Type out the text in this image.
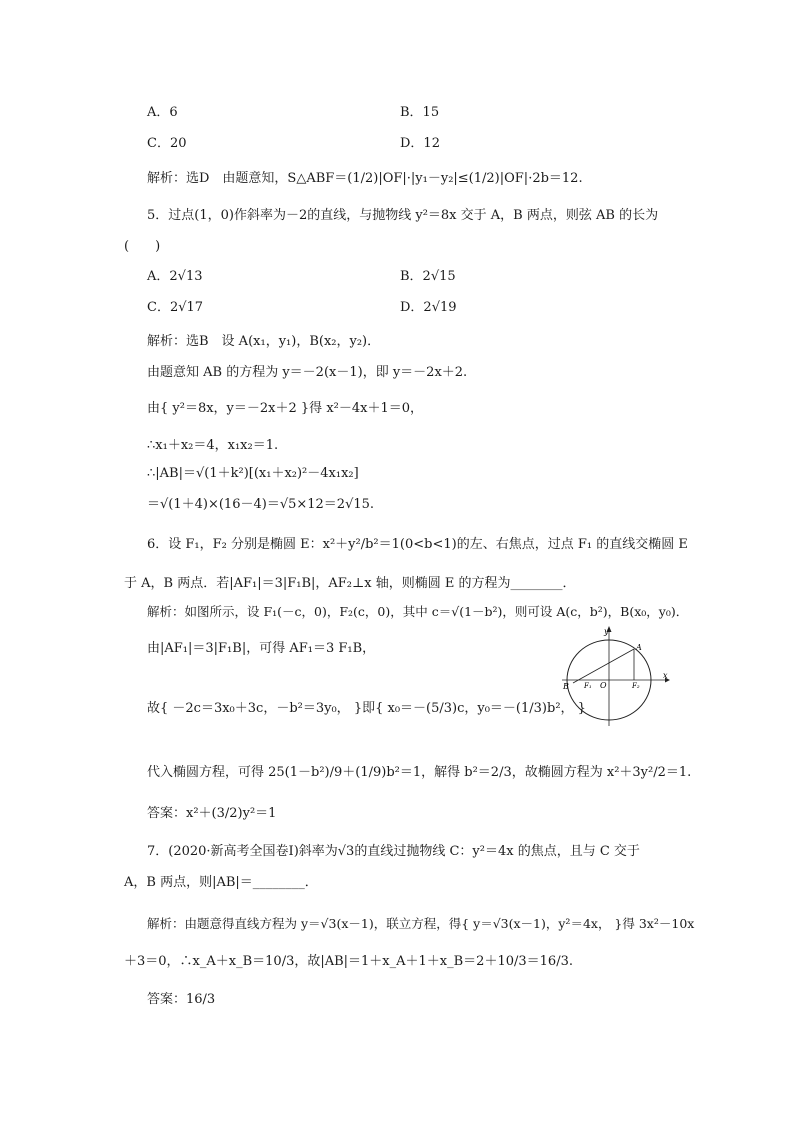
A．6	B．15
C．20	D．12
解析：选D　由题意知，S△ABF＝(1/2)|OF|·|y₁－y₂|≤(1/2)|OF|·2b＝12.
5．过点(1，0)作斜率为－2的直线，与抛物线 y²＝8x 交于 A，B 两点，则弦 AB 的长为
(　　)
A．2√13	B．2√15
C．2√17	D．2√19
解析：选B　设 A(x₁，y₁)，B(x₂，y₂)．
由题意知 AB 的方程为 y＝－2(x－1)，即 y＝－2x＋2.
由{ y²＝8x，y＝－2x＋2 }得 x²－4x＋1＝0，
∴x₁＋x₂＝4，x₁x₂＝1.
∴|AB|＝√(1＋k²)[(x₁＋x₂)²－4x₁x₂]
＝√(1＋4)×(16－4)＝√5×12＝2√15.
6．设 F₁，F₂ 分别是椭圆 E：x²＋y²/b²＝1(0<b<1)的左、右焦点，过点 F₁ 的直线交椭圆 E
于 A，B 两点．若|AF₁|＝3|F₁B|，AF₂⊥x 轴，则椭圆 E 的方程为________．
解析：如图所示，设 F₁(－c，0)，F₂(c，0)，其中 c＝√(1－b²)，则可设 A(c，b²)，B(x₀，y₀)．
由|AF₁|＝3|F₁B|，可得 AF₁＝3 F₁B，
故{ －2c＝3x₀＋3c，－b²＝3y₀， }即{ x₀＝－(5/3)c，y₀＝－(1/3)b²， }
代入椭圆方程，可得 25(1－b²)/9＋(1/9)b²＝1，解得 b²＝2/3，故椭圆方程为 x²＋3y²/2＝1.
答案：x²＋(3/2)y²＝1
y
x
A
B F₁ O	F₂
7．(2020·新高考全国卷Ⅰ)斜率为√3的直线过抛物线 C：y²＝4x 的焦点，且与 C 交于
A，B 两点，则|AB|＝________．
解析：由题意得直线方程为 y＝√3(x－1)，联立方程，得{ y＝√3(x－1)，y²＝4x， }得 3x²－10x
＋3＝0，∴x_A＋x_B＝10/3，故|AB|＝1＋x_A＋1＋x_B＝2＋10/3＝16/3.
答案：16/3
